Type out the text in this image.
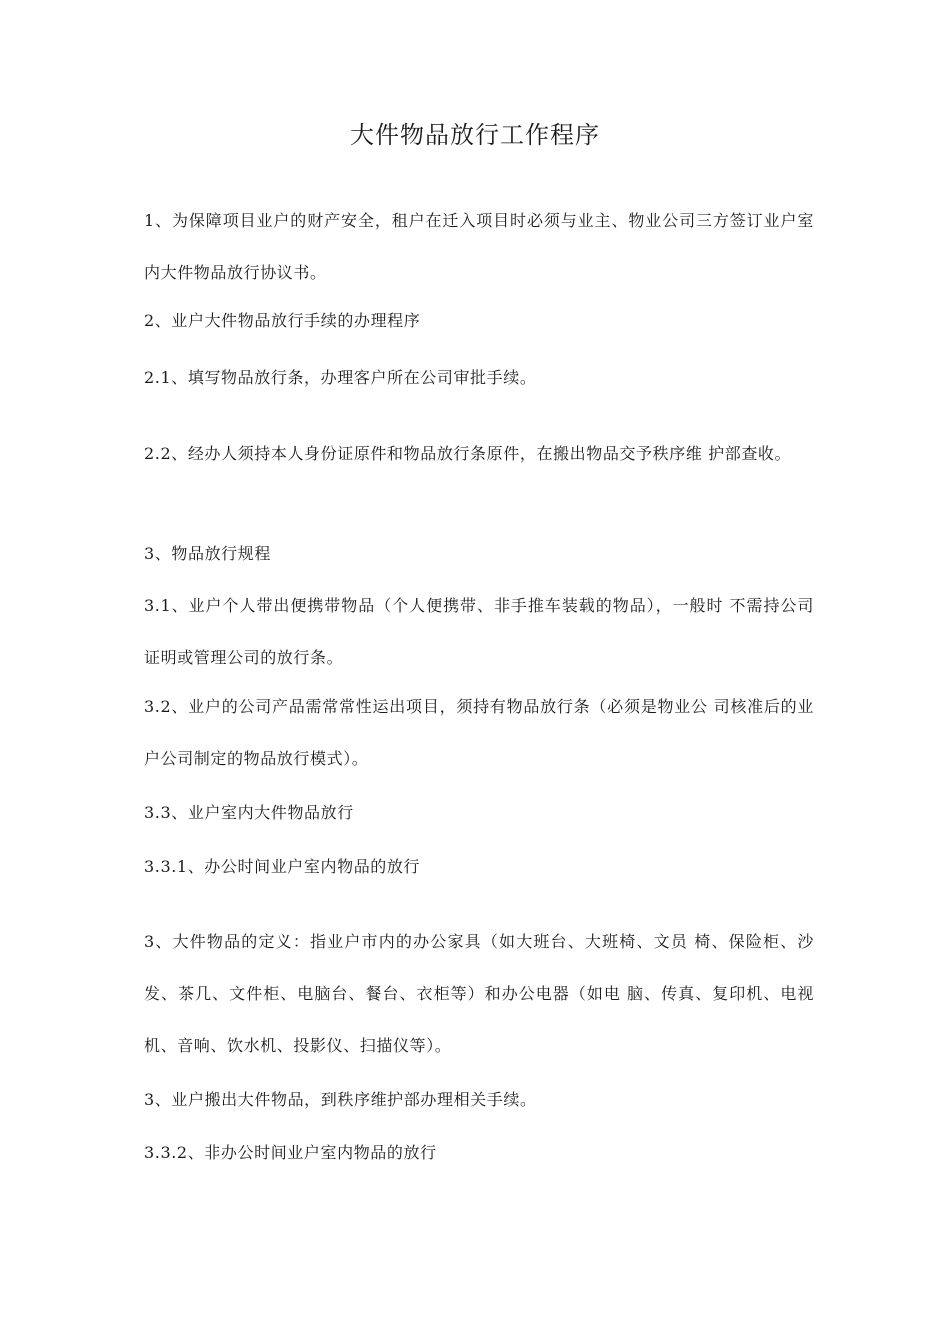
大件物品放行工作程序
1、为保障项目业户的财产安全，租户在迁入项目时必须与业主、物业公司三方签订业户室内大件物品放行协议书。
2、业户大件物品放行手续的办理程序
2.1、填写物品放行条，办理客户所在公司审批手续。
2.2、经办人须持本人身份证原件和物品放行条原件，在搬出物品交予秩序维 护部查收。
3、物品放行规程
3.1、业户个人带出便携带物品（个人便携带、非手推车装载的物品），一般时 不需持公司证明或管理公司的放行条。
3.2、业户的公司产品需常常性运出项目，须持有物品放行条（必须是物业公 司核准后的业户公司制定的物品放行模式）。
3.3、业户室内大件物品放行
3.3.1、办公时间业户室内物品的放行
3、大件物品的定义：指业户市内的办公家具（如大班台、大班椅、文员 椅、保险柜、沙发、茶几、文件柜、电脑台、餐台、衣柜等）和办公电器（如电 脑、传真、复印机、电视机、音响、饮水机、投影仪、扫描仪等）。
3、业户搬出大件物品，到秩序维护部办理相关手续。
3.3.2、非办公时间业户室内物品的放行
